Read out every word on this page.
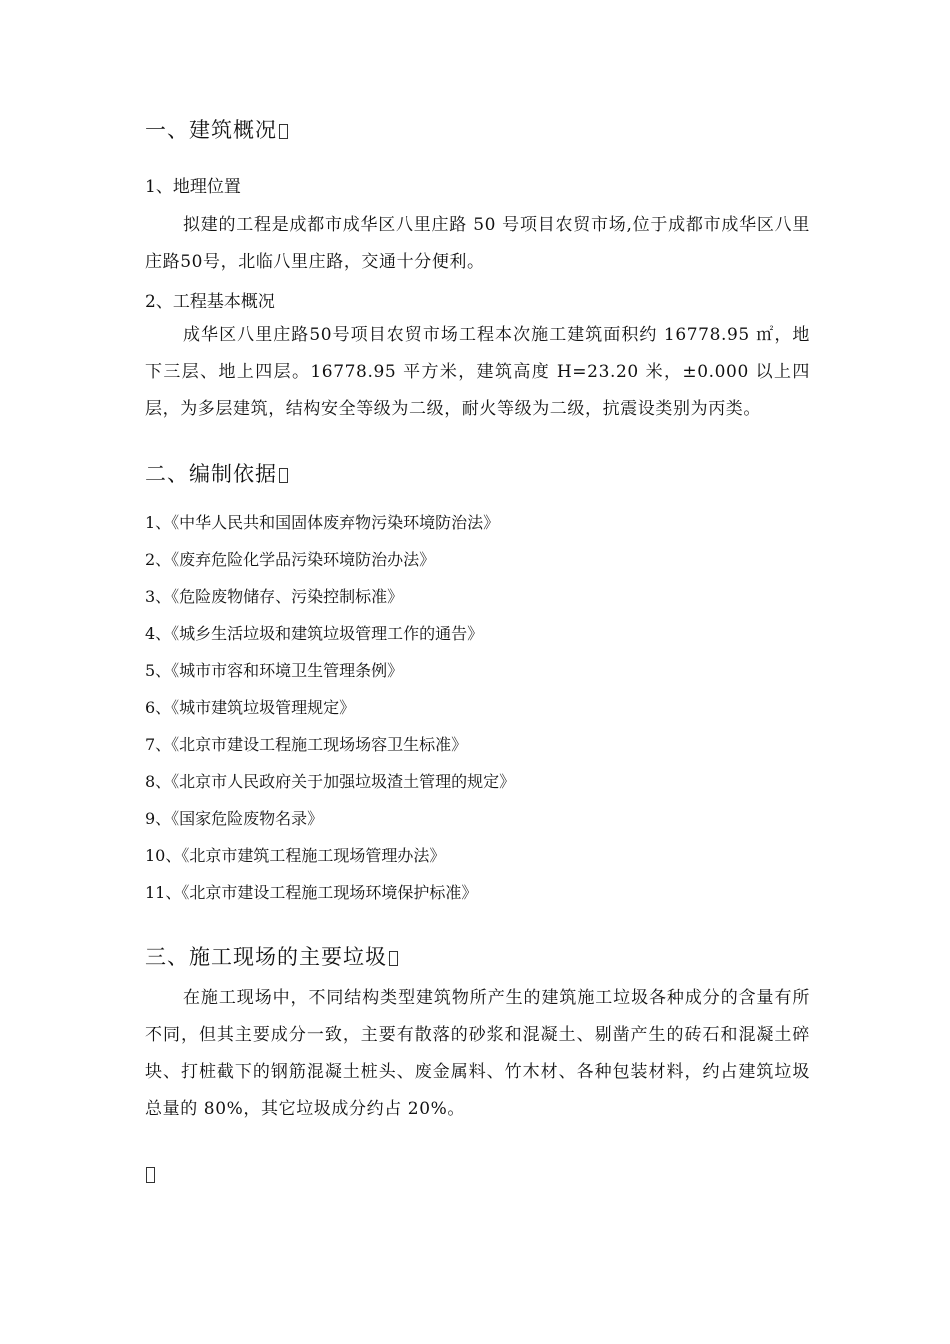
一、建筑概况

1、地理位置

拟建的工程是成都市成华区八里庄路 50 号项目农贸市场,位于成都市成华区八里庄路50号，北临八里庄路，交通十分便利。

2、工程基本概况

成华区八里庄路50号项目农贸市场工程本次施工建筑面积约 16778.95 ㎡，地下三层、地上四层。16778.95 平方米，建筑高度 H=23.20 米，±0.000 以上四层，为多层建筑，结构安全等级为二级，耐火等级为二级，抗震设类别为丙类。

二、编制依据

1、《中华人民共和国固体废弃物污染环境防治法》

2、《废弃危险化学品污染环境防治办法》

3、《危险废物储存、污染控制标准》

4、《城乡生活垃圾和建筑垃圾管理工作的通告》

5、《城市市容和环境卫生管理条例》

6、《城市建筑垃圾管理规定》

7、《北京市建设工程施工现场场容卫生标准》

8、《北京市人民政府关于加强垃圾渣土管理的规定》

9、《国家危险废物名录》

10、《北京市建筑工程施工现场管理办法》

11、《北京市建设工程施工现场环境保护标准》

三、施工现场的主要垃圾

在施工现场中，不同结构类型建筑物所产生的建筑施工垃圾各种成分的含量有所不同，但其主要成分一致，主要有散落的砂浆和混凝土、剔凿产生的砖石和混凝土碎块、打桩截下的钢筋混凝土桩头、废金属料、竹木材、各种包装材料，约占建筑垃圾总量的 80%，其它垃圾成分约占 20%。
